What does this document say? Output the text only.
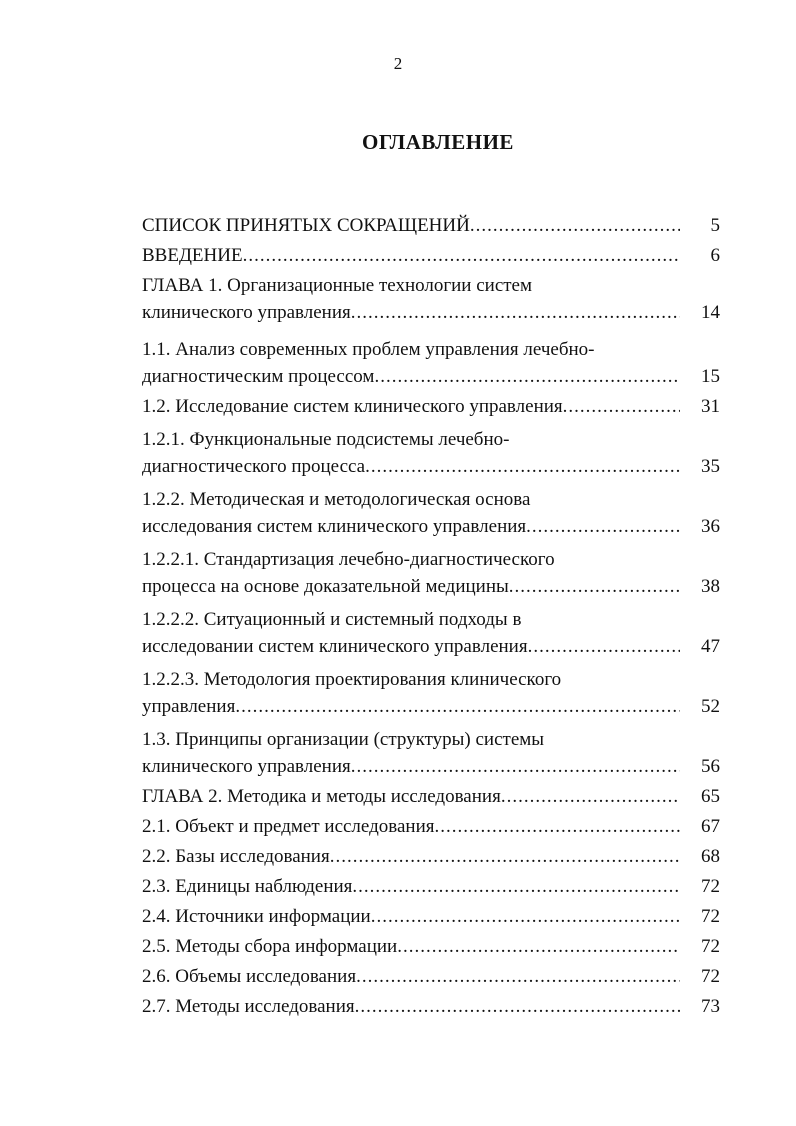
2
ОГЛАВЛЕНИЕ
СПИСОК ПРИНЯТЫХ СОКРАЩЕНИЙ .....	5
ВВЕДЕНИЕ .....	6
ГЛАВА 1. Организационные технологии систем
клинического управления .....	14
1.1. Анализ современных проблем управления лечебно-
диагностическим процессом .....	15
1.2. Исследование систем клинического управления .....	31
1.2.1. Функциональные подсистемы лечебно-
диагностического процесса .....	35
1.2.2. Методическая и методологическая основа
исследования систем клинического управления .....	36
1.2.2.1. Стандартизация лечебно-диагностического
процесса на основе доказательной медицины .....	38
1.2.2.2. Ситуационный и системный подходы в
исследовании систем клинического управления .....	47
1.2.2.3. Методология проектирования клинического
управления .....	52
1.3. Принципы организации (структуры) системы
клинического управления .....	56
ГЛАВА 2. Методика и методы исследования .....	65
2.1. Объект и предмет исследования .....	67
2.2. Базы исследования .....	68
2.3. Единицы наблюдения .....	72
2.4. Источники информации .....	72
2.5. Методы сбора информации .....	72
2.6. Объемы исследования .....	72
2.7. Методы исследования .....	73
